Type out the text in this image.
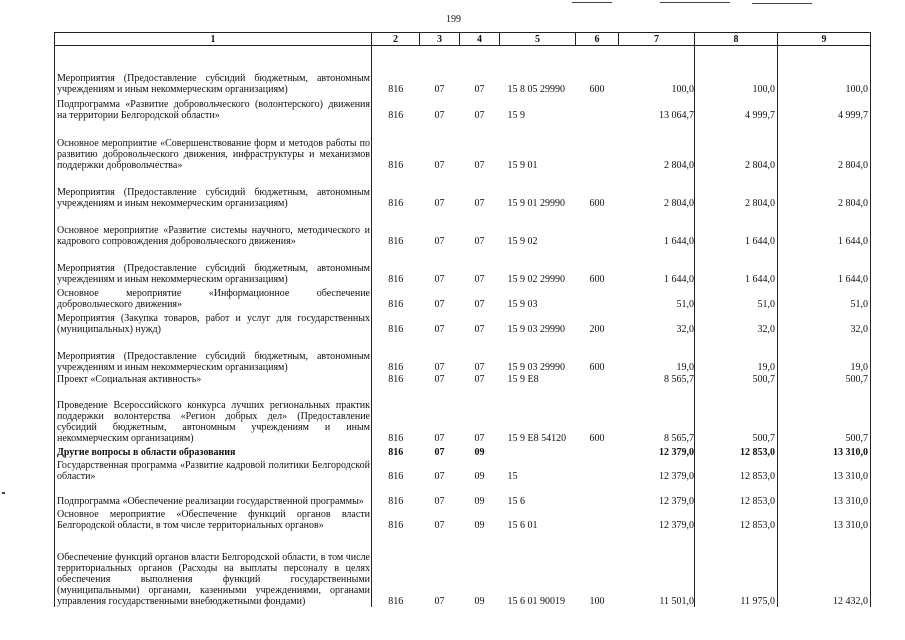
199
1	2	3	4	5	6	7	8	9
Мероприятия (Предоставление субсидий бюджетным, автономным учреждениям и иным некоммерческим организациям)	816	07	07	15 8 05 29990	600	100,0	100,0	100,0
Подпрограмма «Развитие добровольческого (волонтерского) движения на территории Белгородской области»	816	07	07	15 9		13 064,7	4 999,7	4 999,7
Основное мероприятие «Совершенствование форм и методов работы по развитию добровольческого движения, инфраструктуры и механизмов поддержки добровольчества»	816	07	07	15 9 01		2 804,0	2 804,0	2 804,0
Мероприятия (Предоставление субсидий бюджетным, автономным учреждениям и иным некоммерческим организациям)	816	07	07	15 9 01 29990	600	2 804,0	2 804,0	2 804,0
Основное мероприятие «Развитие системы научного, методического и кадрового сопровождения добровольческого движения»	816	07	07	15 9 02		1 644,0	1 644,0	1 644,0
Мероприятия (Предоставление субсидий бюджетным, автономным учреждениям и иным некоммерческим организациям)	816	07	07	15 9 02 29990	600	1 644,0	1 644,0	1 644,0
Основное мероприятие «Информационное обеспечение добровольческого движения»	816	07	07	15 9 03		51,0	51,0	51,0
Мероприятия (Закупка товаров, работ и услуг для государственных (муниципальных) нужд)	816	07	07	15 9 03 29990	200	32,0	32,0	32,0
Мероприятия (Предоставление субсидий бюджетным, автономным учреждениям и иным некоммерческим организациям)	816	07	07	15 9 03 29990	600	19,0	19,0	19,0
Проект «Социальная активность»	816	07	07	15 9 E8		8 565,7	500,7	500,7
Проведение Всероссийского конкурса лучших региональных практик поддержки волонтерства «Регион добрых дел» (Предоставление субсидий бюджетным, автономным учреждениям и иным некоммерческим организациям)	816	07	07	15 9 E8 54120	600	8 565,7	500,7	500,7
Другие вопросы в области образования	816	07	09			12 379,0	12 853,0	13 310,0
Государственная программа «Развитие кадровой политики Белгородской области»	816	07	09	15		12 379,0	12 853,0	13 310,0
Подпрограмма «Обеспечение реализации государственной программы»	816	07	09	15 6		12 379,0	12 853,0	13 310,0
Основное мероприятие «Обеспечение функций органов власти Белгородской области, в том числе территориальных органов»	816	07	09	15 6 01		12 379,0	12 853,0	13 310,0
Обеспечение функций органов власти Белгородской области, в том числе территориальных органов (Расходы на выплаты персоналу в целях обеспечения выполнения функций государственными (муниципальными) органами, казенными учреждениями, органами управления государственными внебюджетными фондами)	816	07	09	15 6 01 90019	100	11 501,0	11 975,0	12 432,0
